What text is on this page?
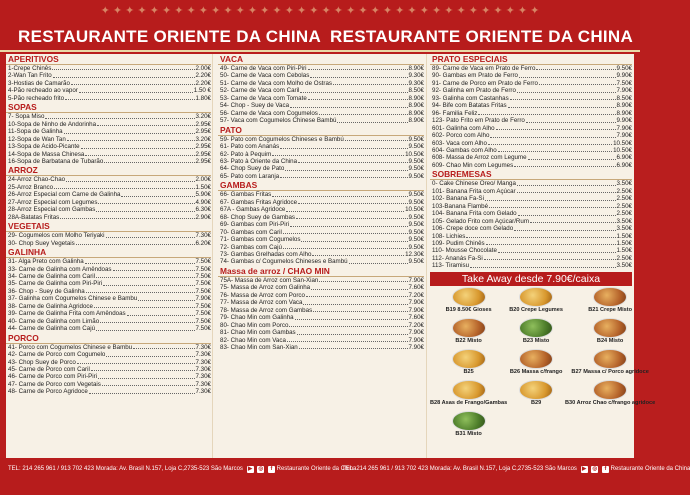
✦ ✦ ✦ ✦ ✦ ✦ ✦ ✦ ✦ ✦ ✦ ✦ ✦ ✦ ✦ ✦ ✦ ✦ ✦ ✦ ✦ ✦ ✦ ✦ ✦ ✦ ✦ ✦ ✦ ✦ ✦ ✦ ✦ ✦ ✦ ✦
RESTAURANTE ORIENTE DA CHINA RESTAURANTE ORIENTE DA CHINA
APERITIVOS
1-Crepe Chinês	2.00€
2-Wan Tan Frito	2.20€
3-Hostias de Camarão	2.20€
4-Pão recheado ao vapor	1.50 €
5-Pão recheado frito	1.80€
SOPAS
7- Sopa Miso	3.20€
10-Sopa de Ninho de Andorinha	2.95€
11-Sopa de Galinha	2.95€
12-Sopa de Wan Tan	3.20€
13-Sopa de Acido-Picante	2.95€
14-Sopa de Massa Chinesa	2.95€
16-Sopa de Barbatana de Tubarão	2.95€
ARROZ
24-Arroz Chao-Chao	2.00€
25-Arroz Branco	1.50€
26-Arroz Especial com Carne de Galinha	5.90€
27-Arroz Especial com Legumes	4.90€
28-Arroz Especial com Gambas	6.30€
28A-Batatas Fritas	2.90€
VEGETAIS
29- Cogumelos com Molho Teriyaki	7.30€
30- Chop Suey Vegetais	6.20€
GALINHA
31- Alga Preto com Galinha	7.50€
33- Carne de Galinha com Amêndoas	7.50€
34- Carne de Galinha com Caril	7.50€
35- Carne de Galinha com Piri-Piri	7.50€
36- Chop - Suey de Galinha	7.50€
37- Galinha com Cogumelos Chinese e Bambu	7.90€
38- Carne de Galinha Agridoce	7.50€
39- Carne de Galinha Frita com Amêndoas	7.50€
40- Carne de Galinha com Limão	7.50€
44- Carne de Galinha com Cajú	7.50€
PORCO
41- Porco com Cogumelos Chinese e Bambu	7.30€
42- Carne de Porco com Cogumelo	7.30€
43- Chop Suey de Porco	7.30€
45- Carne de Porco com Caril	7.30€
46- Carne de Porco com Piri-Piri	7.30€
47- Carne de Porco com Vegetais	7.30€
48- Carne de Porco Agridoce	7.30€
VACA
49- Carne de Vaca com Piri-Piri	8.90€
50- Carne de Vaca com Cebolas	9.30€
51- Carne de Vaca com Molho de Ostras	9.30€
52- Carne de Vaca com Caril	8.50€
53- Carne de Vaca com Tomate	8.90€
54- Chop - Suey de Vaca	8.90€
56- Carne de Vaca com Cogumelos	8.90€
57- Vaca com Cogumelos Chinese Bambú	8.90€
PATO
59- Pato com Cogumelos Chineses e Bambú	9.50€
61- Pato com Ananás	9.50€
62- Pato à Pequim	10.50€
63- Pato à Oriente da China	9.50€
64- Chop Suey de Pato	9.50€
65- Pato com Laranja	9.50€
GAMBAS
66- Gambas Fritas	9.50€
67- Gambas Fritas Agridoce	9.50€
67A - Gambas Agridoce	10.50€
68- Chop Suey de Gambas	9.50€
69- Gambas com Piri-Piri	9.50€
70- Gambas com Caril	9.50€
71- Gambas com Cogumelos	9.50€
72- Gambas com Cajú	9.50€
73- Gambas Grelhadas com Alho	12.30€
74- Gambas c/ Cogumelos Chineses e Bambú	9.50€
Massa de arroz / CHAO MIN
75A- Massa de Arroz com San-Xian	7.90€
75- Massa de Arroz com Galinha	7.60€
76- Massa de Arroz com Porco	7.20€
77- Massa de Arroz com Vaca	7.90€
78- Massa de Arroz com Gambas	7.90€
79- Chao Min com Galinha	7.60€
80- Chao Min com Porco	7.20€
81- Chao Min com Gambas	7.90€
82- Chao Min com Vaca	7.90€
83- Chao Min com San-Xian	7.90€
PRATO ESPECIAIS
89- Carne de Vaca em Prato de Ferro	9.50€
90- Gambas em Prato de Ferro	9.90€
91- Carne de Porco em Prato de Ferro	7.50€
92- Galinha em Prato de Ferro	7.90€
93- Galinha com Castanhas	8.50€
94- Bife com Batatas Fritas	8.90€
96- Familia Feliz	8.90€
123- Pato Frito em Prato de Ferro	9.90€
601- Galinha com Alho	7.90€
602- Porco com Alho	7.90€
603- Vaca com Alho	10.50€
604- Gambas com Alho	10.50€
608- Massa de Arroz com Legume	6.90€
609- Chao Min com Legumes	6.90€
SOBREMESAS
0- Cake Chinese Oreo/ Manga	3.50€
101- Banana Frita com Açúcar	2.50€
102- Banana Fa-Si	2.50€
103-Banana Flambé	2.50€
104- Banana Frita com Gelado	2.50€
105- Gelado Frito com Açúcar/Rum	3.50€
106- Crepe doce com Gelado	3.50€
108- Lichies	1.50€
109- Pudim Chinês	1.50€
110- Mousse Chocolate	1.50€
112- Ananás Fa-Si	2.50€
113- Tiramisu	3.50€
Take Away desde 7.90€/caixa
B19 8.50€ Gioses	B20 Crepe Legumes	B21 Crepe Misto
B22 Misto	B23 Misto	B24 Misto
B25	B26 Massa c/frango B27 Massa c/ Porco agridoce
B28 Asas de Frango/Gambas	B29	B30 Arroz Chao c/frango agridoce
B31 Misto
TEL: 214 265 961 / 913 702 423 Morada: Av. Brasil N.157, Loja C,2735-523 São Marcos ▶ ◎ f Restaurante Oriente da China
TEL: 214 265 961 / 913 702 423 Morada: Av. Brasil N.157, Loja C,2735-523 São Marcos ▶ ◎ f Restaurante Oriente da China
